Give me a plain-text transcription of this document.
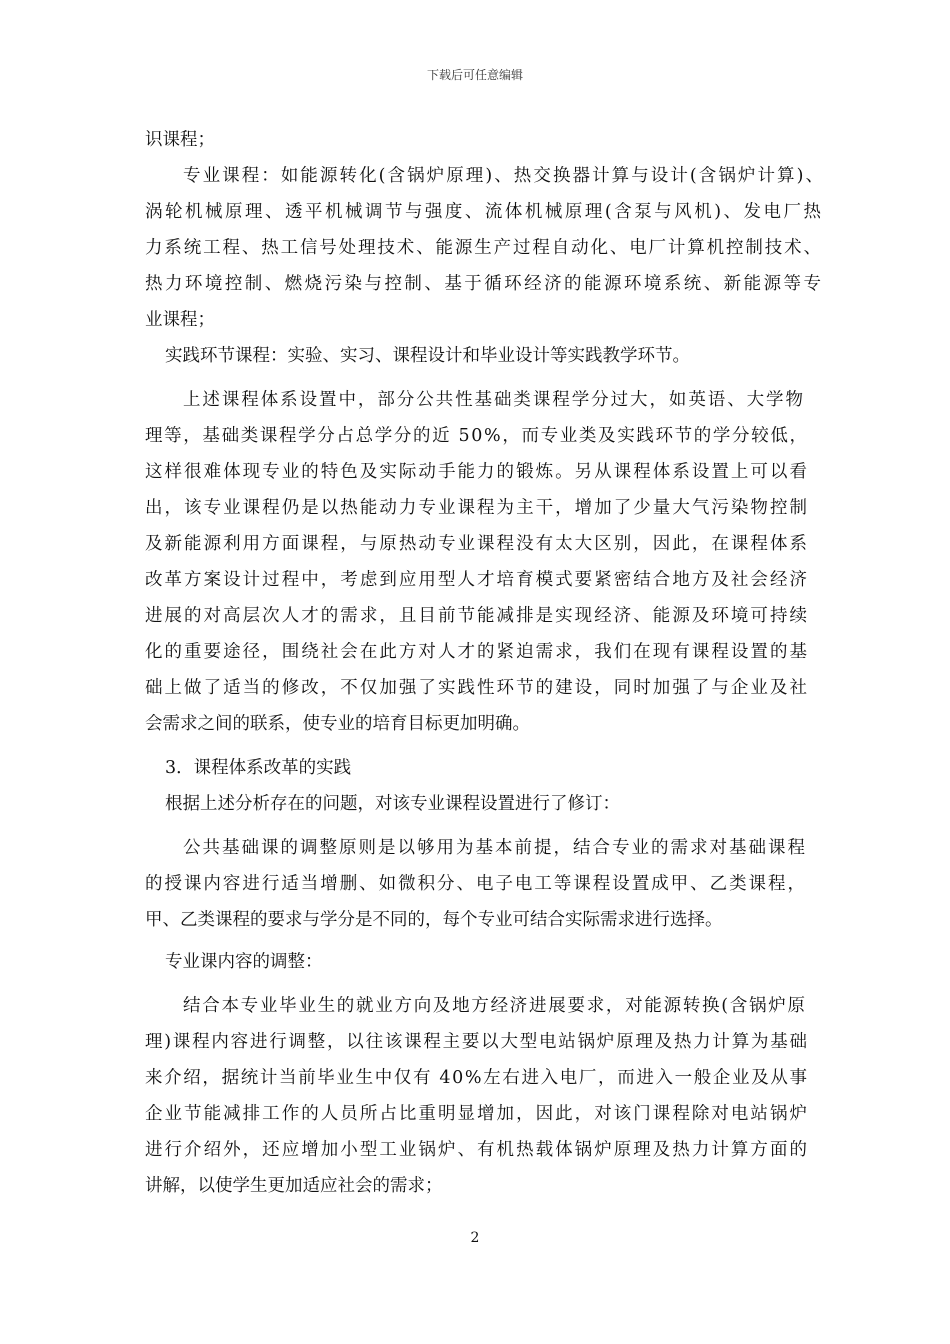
下载后可任意编辑
识课程；
专业课程：如能源转化(含锅炉原理)、热交换器计算与设计(含锅炉计算)、
涡轮机械原理、透平机械调节与强度、流体机械原理(含泵与风机)、发电厂热
力系统工程、热工信号处理技术、能源生产过程自动化、电厂计算机控制技术、
热力环境控制、燃烧污染与控制、基于循环经济的能源环境系统、新能源等专
业课程；
实践环节课程：实验、实习、课程设计和毕业设计等实践教学环节。
上述课程体系设置中，部分公共性基础类课程学分过大，如英语、大学物
理等，基础类课程学分占总学分的近 50%，而专业类及实践环节的学分较低，
这样很难体现专业的特色及实际动手能力的锻炼。另从课程体系设置上可以看
出，该专业课程仍是以热能动力专业课程为主干，增加了少量大气污染物控制
及新能源利用方面课程，与原热动专业课程没有太大区别，因此，在课程体系
改革方案设计过程中，考虑到应用型人才培育模式要紧密结合地方及社会经济
进展的对高层次人才的需求，且目前节能减排是实现经济、能源及环境可持续
化的重要途径，围绕社会在此方对人才的紧迫需求，我们在现有课程设置的基
础上做了适当的修改，不仅加强了实践性环节的建设，同时加强了与企业及社
会需求之间的联系，使专业的培育目标更加明确。
3．课程体系改革的实践
根据上述分析存在的问题，对该专业课程设置进行了修订：
公共基础课的调整原则是以够用为基本前提，结合专业的需求对基础课程
的授课内容进行适当增删、如微积分、电子电工等课程设置成甲、乙类课程，
甲、乙类课程的要求与学分是不同的，每个专业可结合实际需求进行选择。
专业课内容的调整：
结合本专业毕业生的就业方向及地方经济进展要求，对能源转换(含锅炉原
理)课程内容进行调整，以往该课程主要以大型电站锅炉原理及热力计算为基础
来介绍，据统计当前毕业生中仅有 40%左右进入电厂，而进入一般企业及从事
企业节能减排工作的人员所占比重明显增加，因此，对该门课程除对电站锅炉
进行介绍外，还应增加小型工业锅炉、有机热载体锅炉原理及热力计算方面的
讲解，以使学生更加适应社会的需求；
2
